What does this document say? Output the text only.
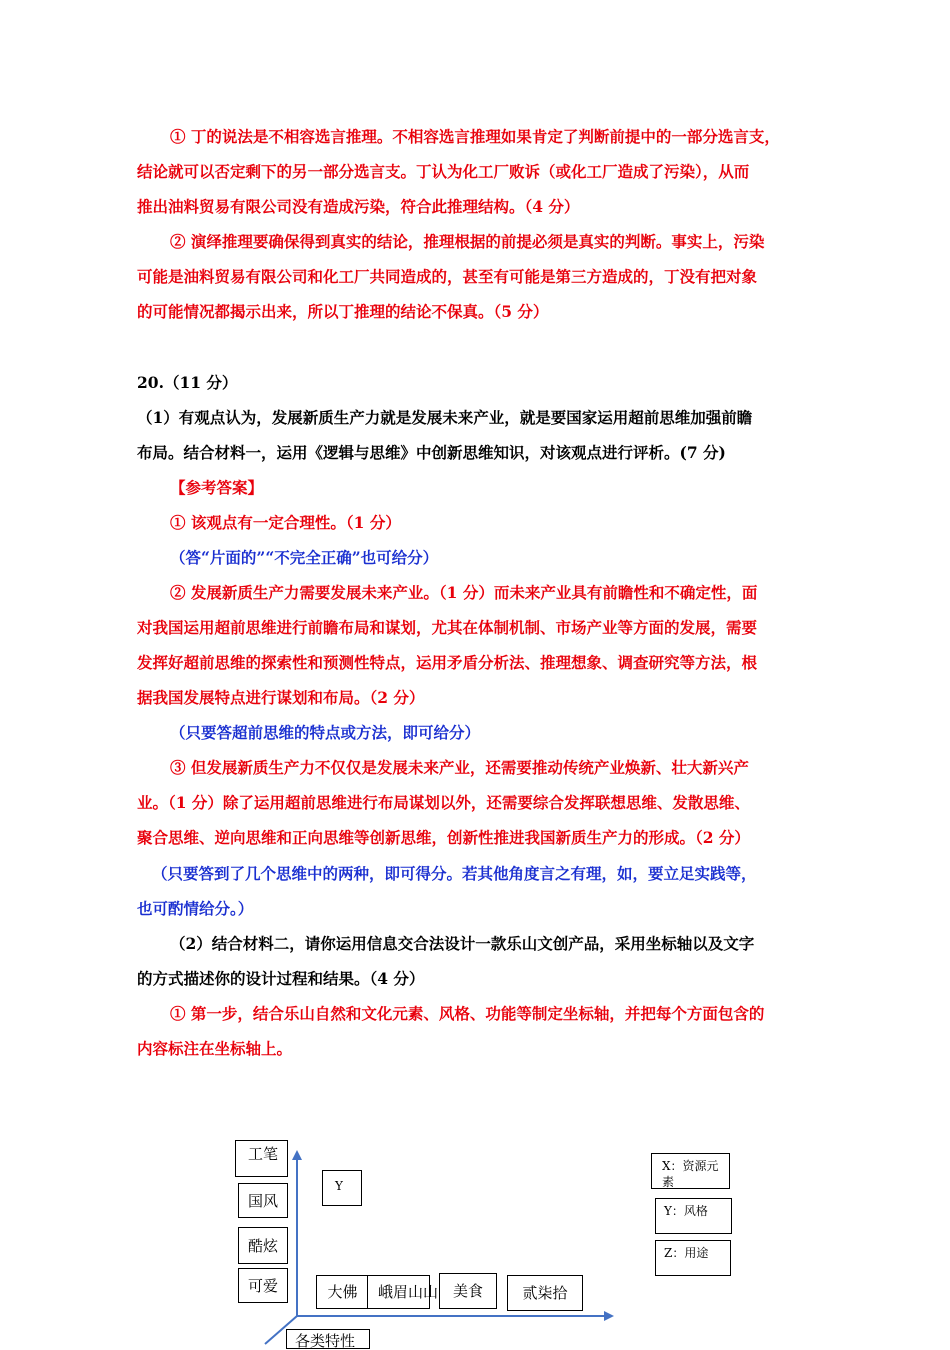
① 丁的说法是不相容选言推理。不相容选言推理如果肯定了判断前提中的一部分选言支，
结论就可以否定剩下的另一部分选言支。丁认为化工厂败诉（或化工厂造成了污染），从而
推出油料贸易有限公司没有造成污染，符合此推理结构。（4 分）
② 演绎推理要确保得到真实的结论，推理根据的前提必须是真实的判断。事实上，污染
可能是油料贸易有限公司和化工厂共同造成的，甚至有可能是第三方造成的，丁没有把对象
的可能情况都揭示出来，所以丁推理的结论不保真。（5 分）
20.（11 分）
（1）有观点认为，发展新质生产力就是发展未来产业，就是要国家运用超前思维加强前瞻
布局。结合材料一，运用《逻辑与思维》中创新思维知识，对该观点进行评析。(7 分)
【参考答案】
① 该观点有一定合理性。（1 分）
（答“片面的”“不完全正确”也可给分）
② 发展新质生产力需要发展未来产业。（1 分）而未来产业具有前瞻性和不确定性，面
对我国运用超前思维进行前瞻布局和谋划，尤其在体制机制、市场产业等方面的发展，需要
发挥好超前思维的探索性和预测性特点，运用矛盾分析法、推理想象、调查研究等方法，根
据我国发展特点进行谋划和布局。（2 分）
（只要答超前思维的特点或方法，即可给分）
③ 但发展新质生产力不仅仅是发展未来产业，还需要推动传统产业焕新、壮大新兴产
业。（1 分）除了运用超前思维进行布局谋划以外，还需要综合发挥联想思维、发散思维、
聚合思维、逆向思维和正向思维等创新思维，创新性推进我国新质生产力的形成。（2 分）
（只要答到了几个思维中的两种，即可得分。若其他角度言之有理，如，要立足实践等，
也可酌情给分。）
（2）结合材料二，请你运用信息交合法设计一款乐山文创产品，采用坐标轴以及文字
的方式描述你的设计过程和结果。（4 分）
① 第一步，结合乐山自然和文化元素、风格、功能等制定坐标轴，并把每个方面包含的
内容标注在坐标轴上。
工笔
国风
酷炫
可爱
Y
大佛	峨眉山山 美食	贰柒拾
各类特性
X：资源元素
Y：风格
Z：用途
